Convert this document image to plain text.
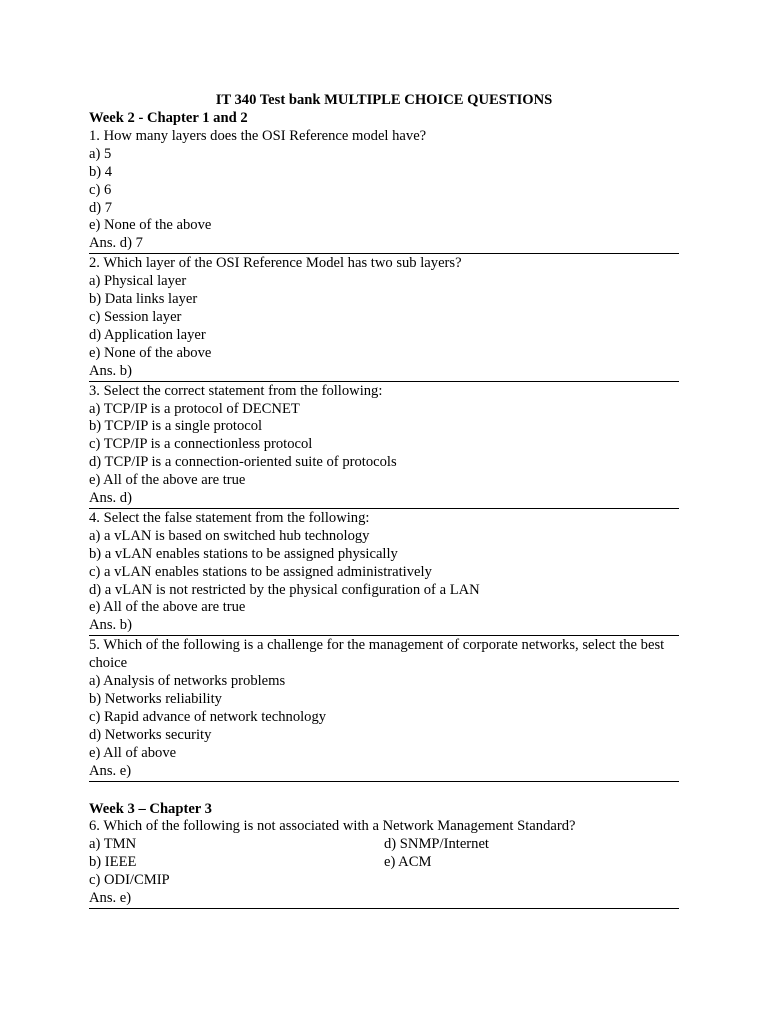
IT 340 Test bank MULTIPLE CHOICE QUESTIONS
Week 2 - Chapter 1 and 2
1. How many layers does the OSI Reference model have?
a) 5
b) 4
c) 6
d) 7
e) None of the above
Ans. d) 7
2. Which layer of the OSI Reference Model has two sub layers?
a) Physical layer
b) Data links layer
c) Session layer
d) Application layer
e) None of the above
Ans. b)
3. Select the correct statement from the following:
a) TCP/IP is a protocol of DECNET
b) TCP/IP is a single protocol
c) TCP/IP is a connectionless protocol
d) TCP/IP is a connection-oriented suite of protocols
e) All of the above are true
Ans. d)
4. Select the false statement from the following:
a) a vLAN is based on switched hub technology
b) a vLAN enables stations to be assigned physically
c) a vLAN enables stations to be assigned administratively
d) a vLAN is not restricted by the physical configuration of a LAN
e) All of the above are true
Ans. b)
5. Which of the following is a challenge for the management of corporate networks, select the best choice
a) Analysis of networks problems
b) Networks reliability
c) Rapid advance of network technology
d) Networks security
e) All of above
Ans. e)
Week 3 – Chapter 3
6. Which of the following is not associated with a Network Management Standard?
a) TMN	d) SNMP/Internet
b) IEEE	e) ACM
c) ODI/CMIP
Ans. e)
